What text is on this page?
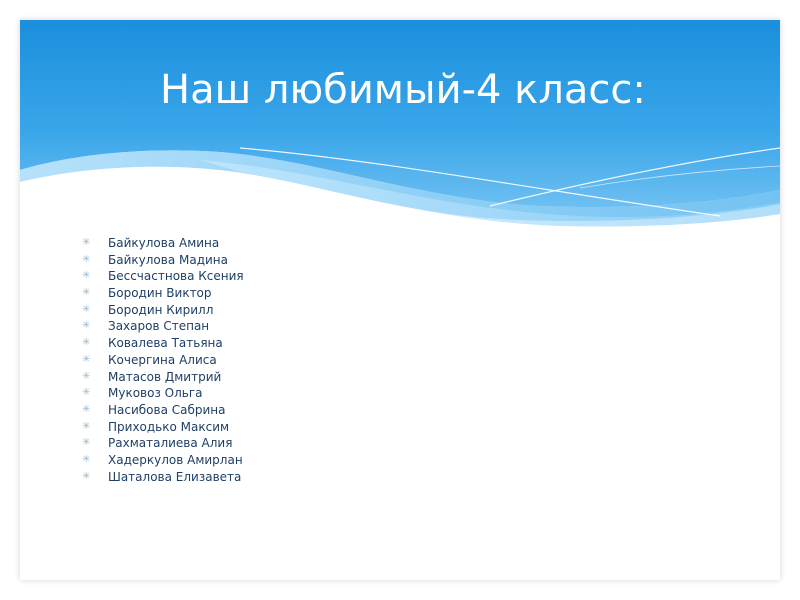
Наш любимый-4 класс:
✳ Байкулова Амина
✳ Байкулова Мадина
✳ Бессчастнова Ксения
✳ Бородин Виктор
✳ Бородин Кирилл
✳ Захаров Степан
✳ Ковалева Татьяна
✳ Кочергина Алиса
✳ Матасов Дмитрий
✳ Муковоз Ольга
✳ Насибова Сабрина
✳ Приходько Максим
✳ Рахматалиева Алия
✳ Хадеркулов Амирлан
✳ Шаталова Елизавета
